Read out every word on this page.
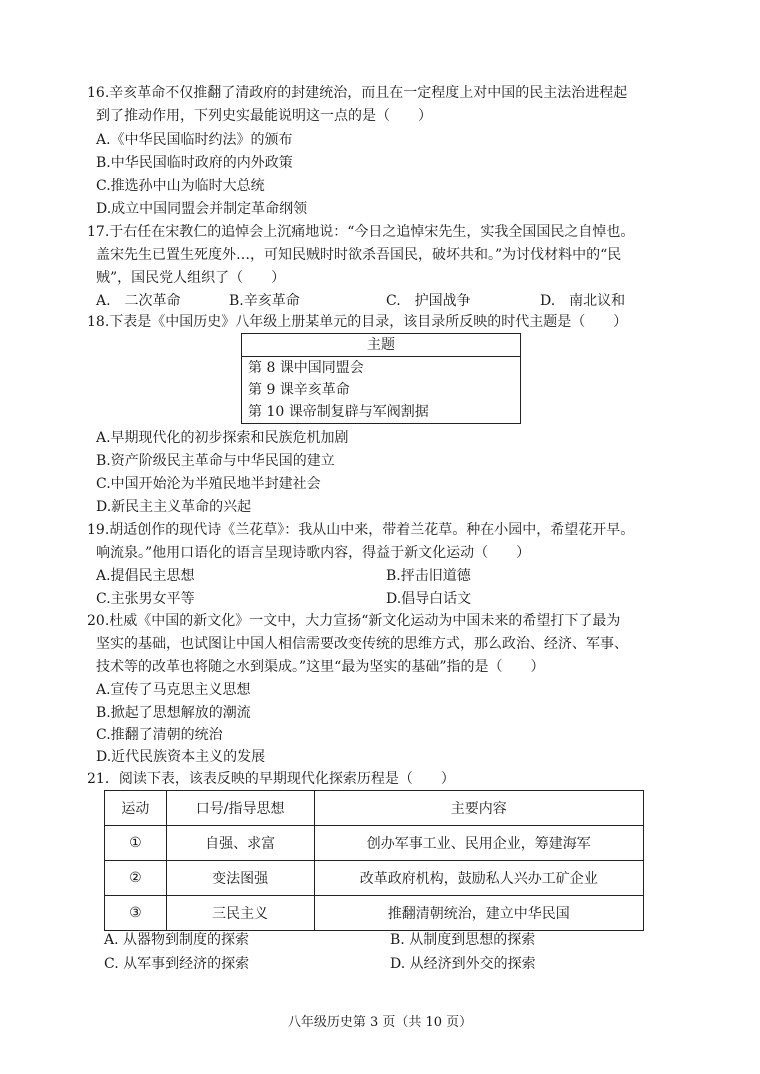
16.辛亥革命不仅推翻了清政府的封建统治，而且在一定程度上对中国的民主法治进程起
到了推动作用，下列史实最能说明这一点的是（　　）
A.《中华民国临时约法》的颁布
B.中华民国临时政府的内外政策
C.推选孙中山为临时大总统
D.成立中国同盟会并制定革命纲领
17.于右任在宋教仁的追悼会上沉痛地说：“今日之追悼宋先生，实我全国国民之自悼也。
盖宋先生已置生死度外…，可知民贼时时欲杀吾国民，破坏共和。”为讨伐材料中的“民
贼”，国民党人组织了（　　）
A.　二次革命	B.辛亥革命	C.　护国战争	D.　南北议和
18.下表是《中国历史》八年级上册某单元的目录，该目录所反映的时代主题是（　　）
主题
第 8 课中国同盟会
第 9 课辛亥革命
第 10 课帝制复辟与军阀割据
A.早期现代化的初步探索和民族危机加剧
B.资产阶级民主革命与中华民国的建立
C.中国开始沦为半殖民地半封建社会
D.新民主主义革命的兴起
19.胡适创作的现代诗《兰花草》：我从山中来，带着兰花草。种在小园中，希望花开早。
响流泉。”他用口语化的语言呈现诗歌内容，得益于新文化运动（　　）
A.提倡民主思想	B.抨击旧道德
C.主张男女平等	D.倡导白话文
20.杜威《中国的新文化》一文中，大力宣扬“新文化运动为中国未来的希望打下了最为
坚实的基础，也试图让中国人相信需要改变传统的思维方式，那么政治、经济、军事、
技术等的改革也将随之水到渠成。”这里“最为坚实的基础”指的是（　　）
A.宣传了马克思主义思想
B.掀起了思想解放的潮流
C.推翻了清朝的统治
D.近代民族资本主义的发展
21．阅读下表，该表反映的早期现代化探索历程是（　　）
运动	口号/指导思想	主要内容
①	自强、求富	创办军事工业、民用企业，筹建海军
②	变法图强	改革政府机构，鼓励私人兴办工矿企业
③	三民主义	推翻清朝统治，建立中华民国
A. 从器物到制度的探索	B. 从制度到思想的探索
C. 从军事到经济的探索	D. 从经济到外交的探索
八年级历史第 3 页（共 10 页）
